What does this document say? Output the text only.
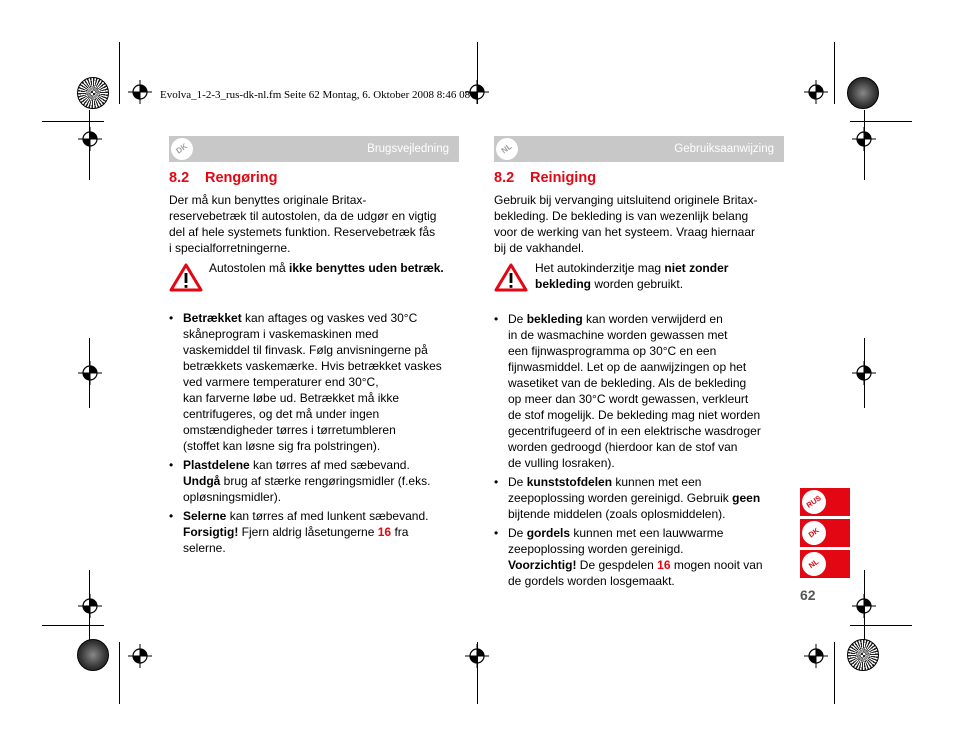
Evolva_1-2-3_rus-dk-nl.fm Seite 62 Montag, 6. Oktober 2008 8:46 08
DK	Brugsvejledning
8.2 Rengøring
Der må kun benyttes originale Britax-
reservebetræk til autostolen, da de udgør en vigtig
del af hele systemets funktion. Reservebetræk fås
i specialforretningerne.
Autostolen må ikke benyttes uden betræk.
• Betrækket kan aftages og vaskes ved 30°C
skåneprogram i vaskemaskinen med
vaskemiddel til finvask. Følg anvisningerne på
betrækkets vaskemærke. Hvis betrækket vaskes
ved varmere temperaturer end 30°C,
kan farverne løbe ud. Betrækket må ikke
centrifugeres, og det må under ingen
omstændigheder tørres i tørretumbleren
(stoffet kan løsne sig fra polstringen).
• Plastdelene kan tørres af med sæbevand.
Undgå brug af stærke rengøringsmidler (f.eks.
opløsningsmidler).
• Selerne kan tørres af med lunkent sæbevand.
Forsigtig! Fjern aldrig låsetungerne 16 fra
selerne.
NL	Gebruiksaanwijzing
8.2 Reiniging
Gebruik bij vervanging uitsluitend originele Britax-
bekleding. De bekleding is van wezenlijk belang
voor de werking van het systeem. Vraag hiernaar
bij de vakhandel.
Het autokinderzitje mag niet zonder
bekleding worden gebruikt.
• De bekleding kan worden verwijderd en
in de wasmachine worden gewassen met
een fijnwasprogramma op 30°C en een
fijnwasmiddel. Let op de aanwijzingen op het
wasetiket van de bekleding. Als de bekleding
op meer dan 30°C wordt gewassen, verkleurt
de stof mogelijk. De bekleding mag niet worden
gecentrifugeerd of in een elektrische wasdroger
worden gedroogd (hierdoor kan de stof van
de vulling losraken).
• De kunststofdelen kunnen met een
zeepoplossing worden gereinigd. Gebruik geen
bijtende middelen (zoals oplosmiddelen).
• De gordels kunnen met een lauwwarme
zeepoplossing worden gereinigd.
Voorzichtig! De gespdelen 16 mogen nooit van
de gordels worden losgemaakt.
RUS
DK
NL
62
